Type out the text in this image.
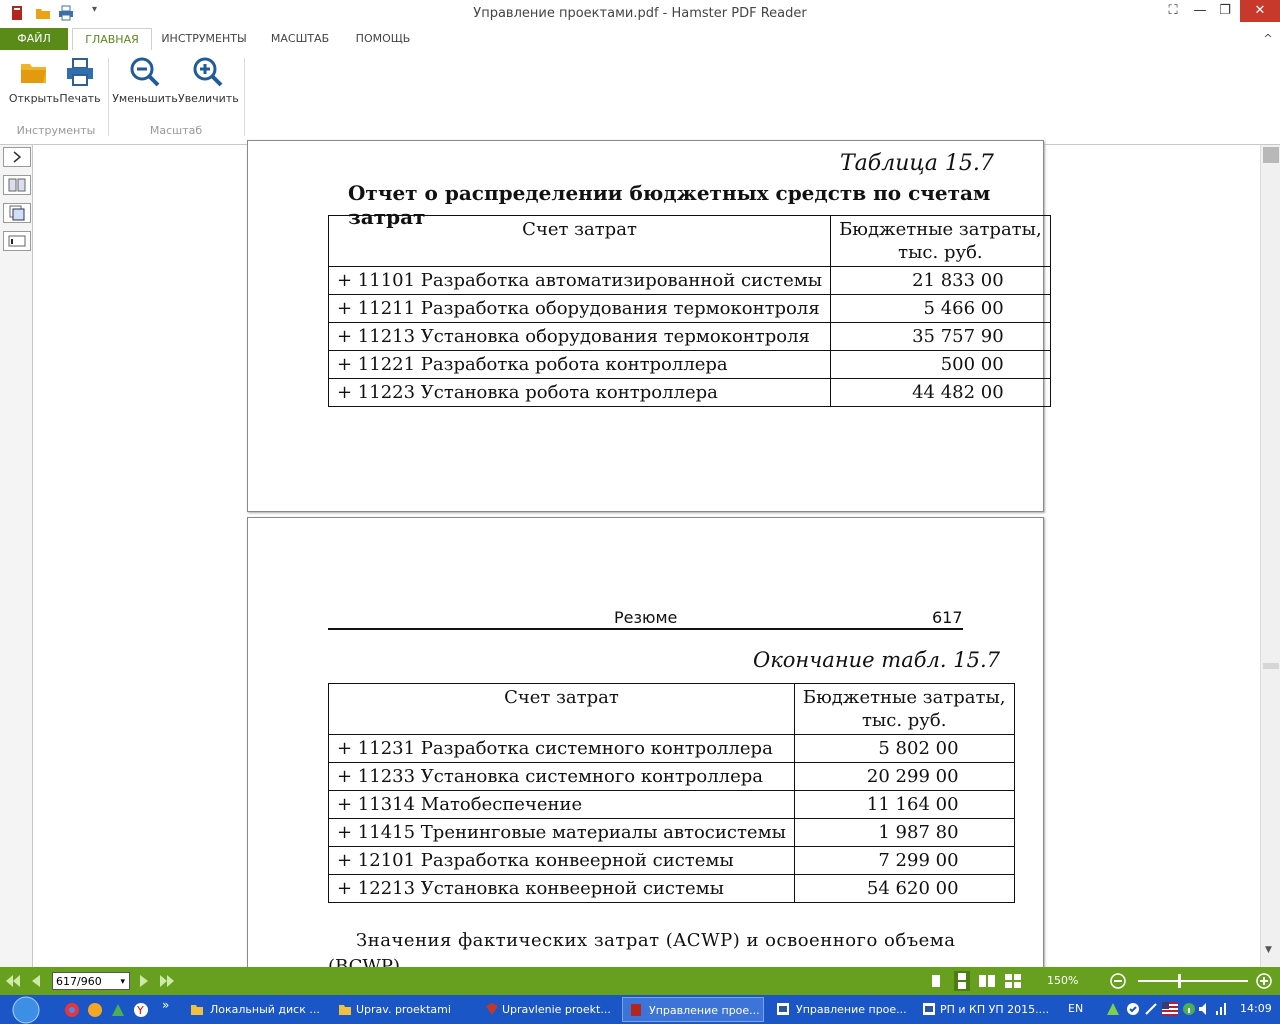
▾	Управление проектами.pdf - Hamster PDF Reader	⛶	— ❐	✕
ФАЙЛ	ГЛАВНАЯ	ИНСТРУМЕНТЫ	МАСШТАБ	ПОМОЩЬ	^
Открыть Печать Уменьшить Увеличить
Инструменты	Масштаб
Таблица 15.7
Отчет о распределении бюджетных средств по счетам затрат
Счет затрат	Бюджетные затраты,
тыс. руб.
+ 11101 Разработка автоматизированной системы	21 833 00
+ 11211 Разработка оборудования термоконтроля	5 466 00
+ 11213 Установка оборудования термоконтроля	35 757 90
+ 11221 Разработка робота контроллера	500 00
+ 11223 Установка робота контроллера	44 482 00
Резюме	617
Окончание табл. 15.7
Счет затрат	Бюджетные затраты,
тыс. руб.
+ 11231 Разработка системного контроллера	5 802 00
+ 11233 Установка системного контроллера	20 299 00
+ 11314 Матобеспечение	11 164 00
+ 11415 Тренинговые материалы автосистемы	1 987 80
+ 12101 Разработка конвеерной системы	7 299 00
+ 12213 Установка конвеерной системы	54 620 00
Значения фактических затрат (ACWP) и освоенного объема	▼
617/960 ▾	150%
Y »	Локальный диск ...	Uprav. proektami	Upravlenie proekt...	Управление прое...	Управление прое...	РП и КП УП 2015....	EN	14:09
